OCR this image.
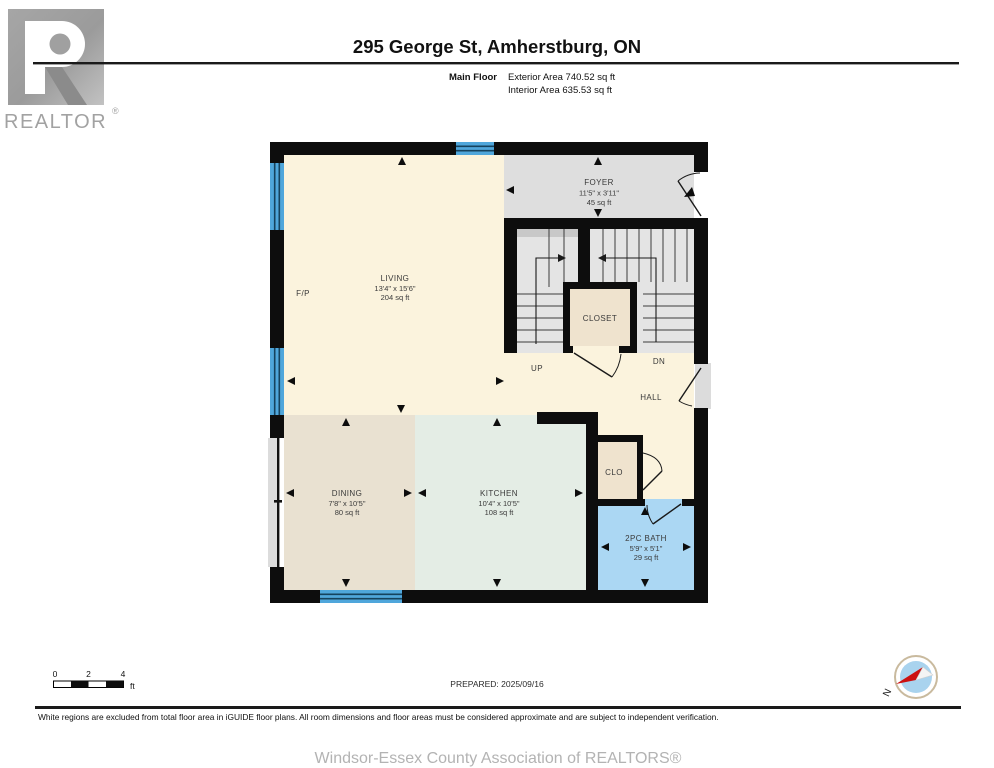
REALTOR ®
295 George St, Amherstburg, ON
Main Floor Exterior Area 740.52 sq ft
Interior Area 635.53 sq ft
FOYER
11'5" x 3'11"
45 sq ft
LIVING
13'4" x 15'6"
204 sq ft
CLOSET
DINING
7'8" x 10'5"
80 sq ft
KITCHEN
10'4" x 10'5"
108 sq ft
CLO
2PC BATH
5'9" x 5'1"
29 sq ft
F/P
UP
DN
HALL
0	2	4
ft	PREPARED: 2025/09/16
N
White regions are excluded from total floor area in iGUIDE floor plans. All room dimensions and floor areas must be considered approximate and are subject to independent verification.
Windsor-Essex County Association of REALTORS®
